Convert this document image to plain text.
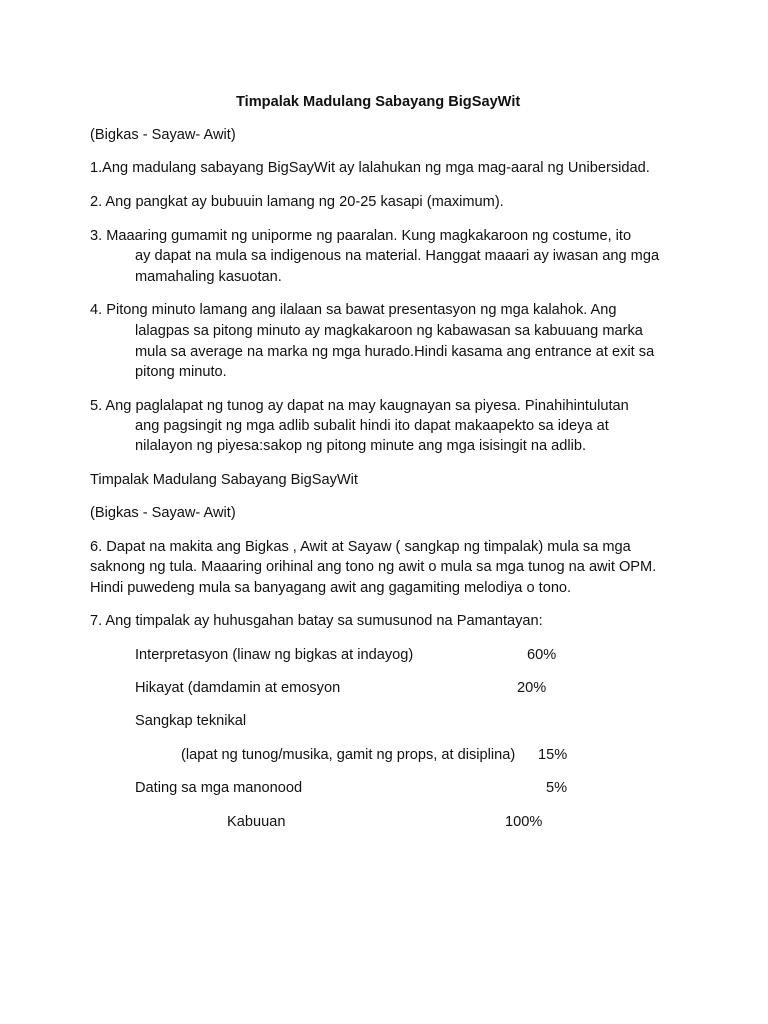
Timpalak Madulang Sabayang BigSayWit
(Bigkas - Sayaw- Awit)
1.Ang madulang sabayang BigSayWit ay lalahukan ng mga mag-aaral ng Unibersidad.
2. Ang pangkat ay bubuuin lamang ng 20-25 kasapi (maximum).
3. Maaaring gumamit ng uniporme ng paaralan. Kung magkakaroon ng costume, ito
ay dapat na mula sa indigenous na material. Hanggat maaari ay iwasan ang mga
mamahaling kasuotan.
4. Pitong minuto lamang ang ilalaan sa bawat presentasyon ng mga kalahok. Ang
lalagpas sa pitong minuto ay magkakaroon ng kabawasan sa kabuuang marka
mula sa average na marka ng mga hurado.Hindi kasama ang entrance at exit sa
pitong minuto.
5. Ang paglalapat ng tunog ay dapat na may kaugnayan sa piyesa. Pinahihintulutan
ang pagsingit ng mga adlib subalit hindi ito dapat makaapekto sa ideya at
nilalayon ng piyesa:sakop ng pitong minute ang mga isisingit na adlib.
Timpalak Madulang Sabayang BigSayWit
(Bigkas - Sayaw- Awit)
6. Dapat na makita ang Bigkas , Awit at Sayaw ( sangkap ng timpalak) mula sa mga
saknong ng tula. Maaaring orihinal ang tono ng awit o mula sa mga tunog na awit OPM.
Hindi puwedeng mula sa banyagang awit ang gagamiting melodiya o tono.
7. Ang timpalak ay huhusgahan batay sa sumusunod na Pamantayan:
Interpretasyon (linaw ng bigkas at indayog)	60%
Hikayat (damdamin at emosyon	20%
Sangkap teknikal
(lapat ng tunog/musika, gamit ng props, at disiplina) 15%
Dating sa mga manonood	5%
Kabuuan	100%
